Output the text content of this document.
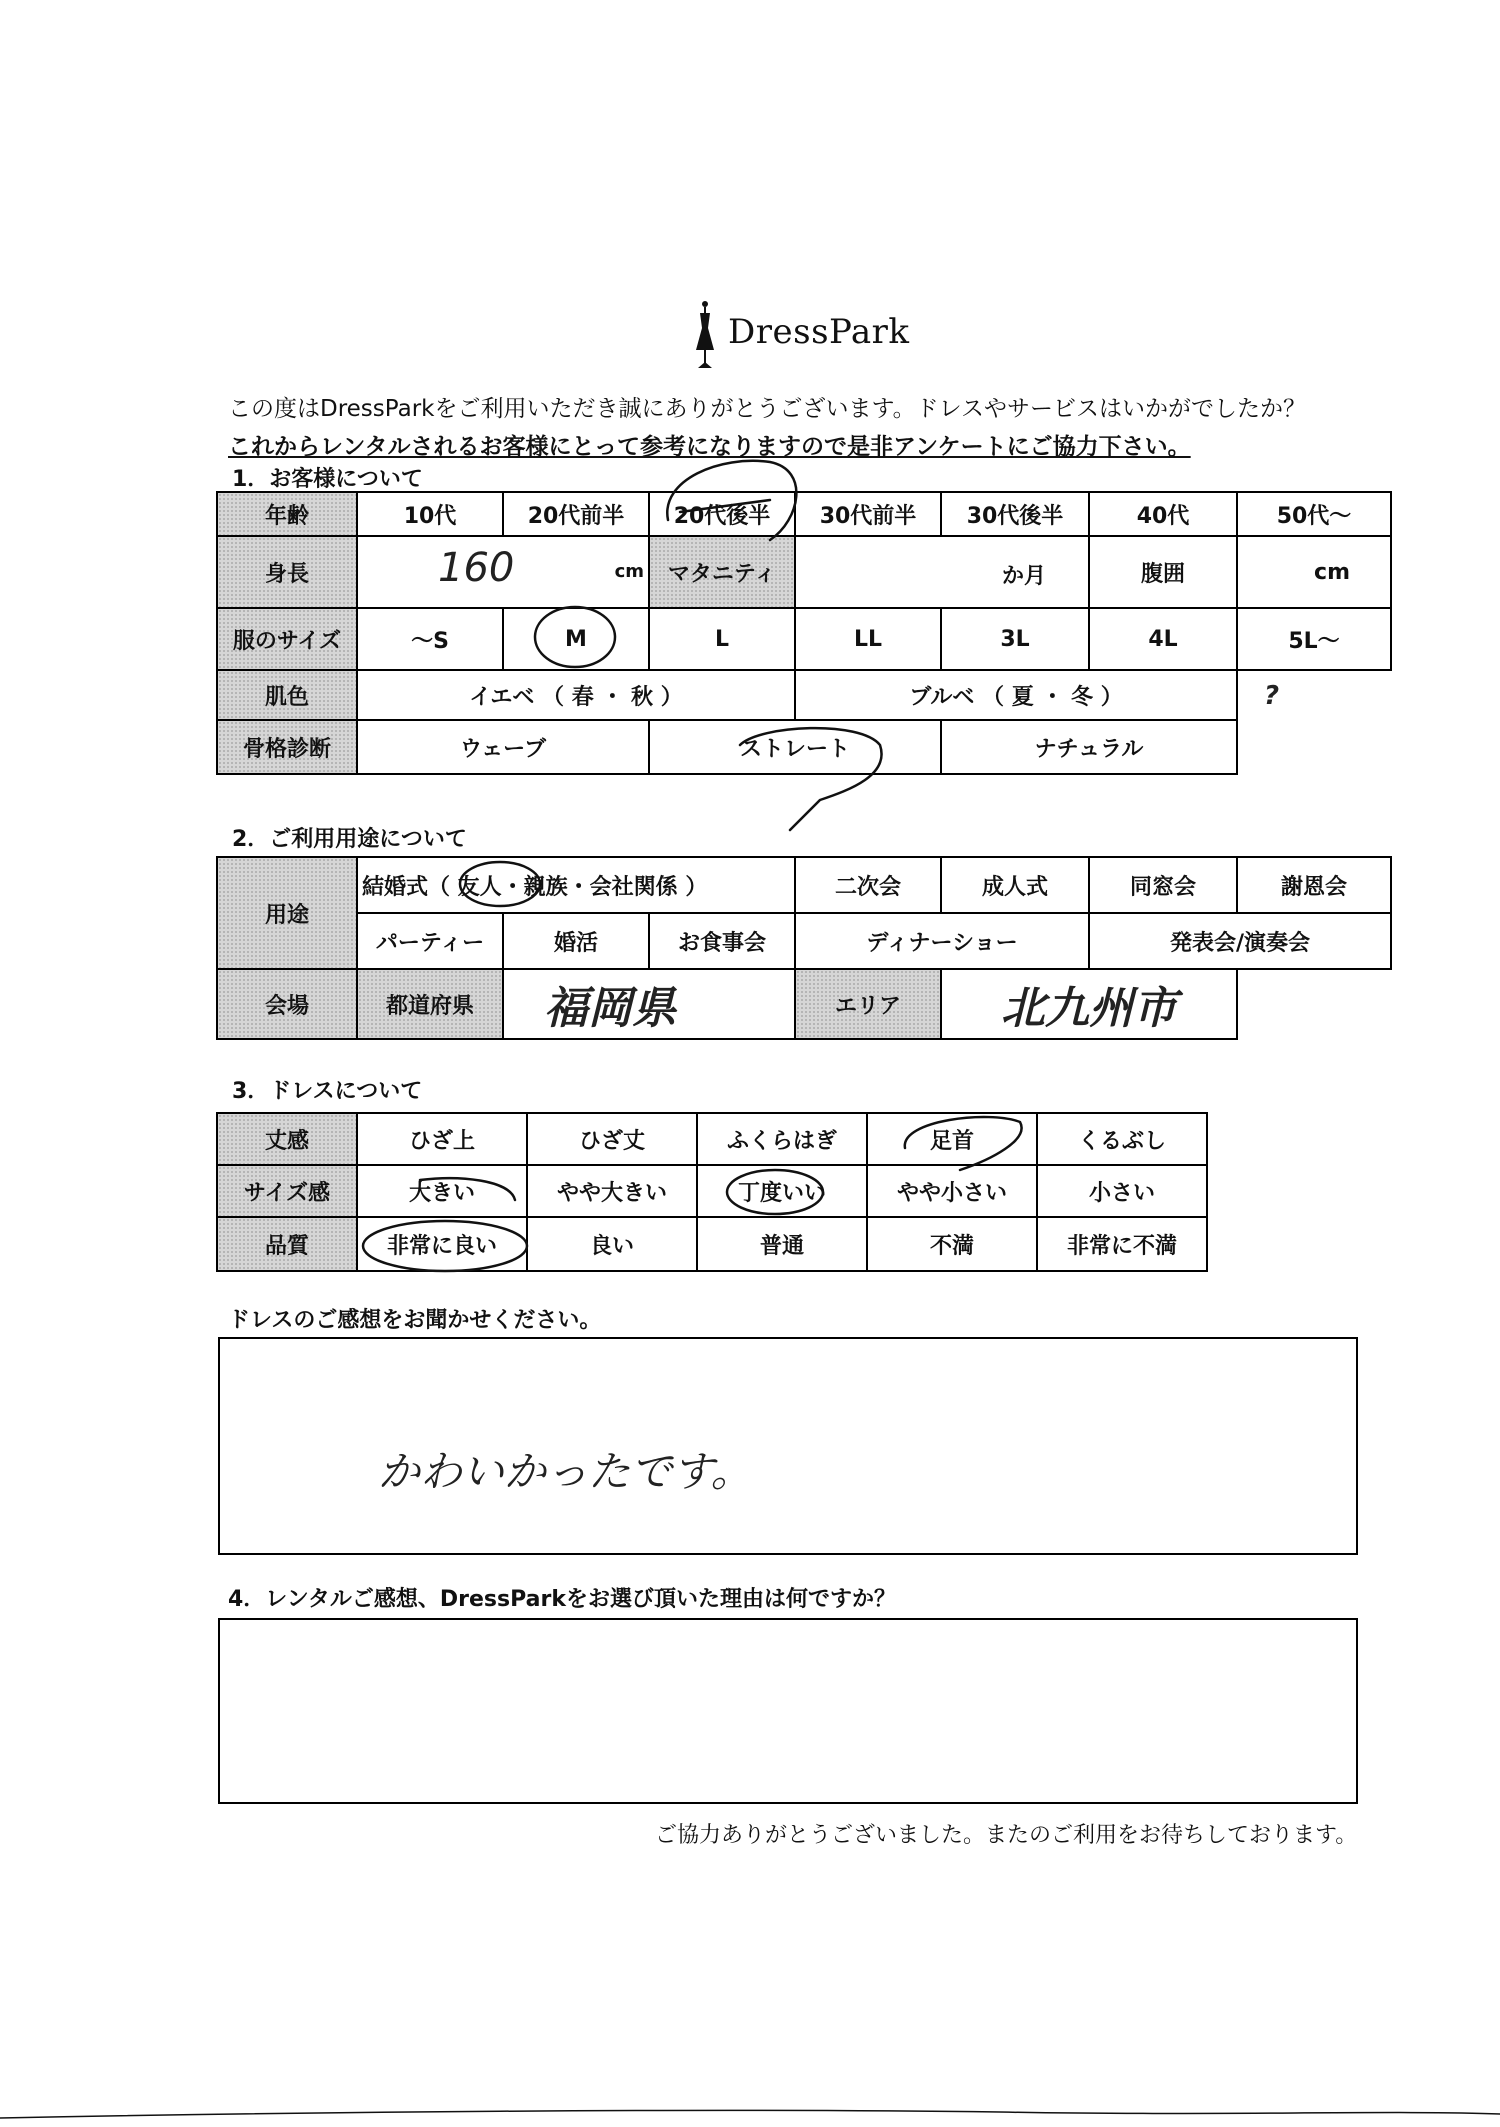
DressPark
この度はDressParkをご利用いただき誠にありがとうございます。ドレスやサービスはいかがでしたか？
これからレンタルされるお客様にとって参考になりますので是非アンケートにご協力下さい。
1．お客様について
年齢	10代	20代前半	20代後半	30代前半	30代後半	40代	50代～
身長	160 cm		マタニティ	か月		腹囲	cm
服のサイズ	～S	M	L	LL	3L	4L	5L～
肌色	イエベ （ 春 ・ 秋 ）			ブルベ （ 夏 ・ 冬 ）			?
骨格診断	ウェーブ		ストレート		ナチュラル		
2．ご利用用途について
用途	結婚式（ 友人・親族・会社関係 ）			二次会	成人式	同窓会	謝恩会
	パーティー	婚活	お食事会	ディナーショー		発表会/演奏会	
会場	都道府県	福岡県		エリア	北九州市		
3．ドレスについて
丈感	ひざ上	ひざ丈	ふくらはぎ	足首	くるぶし
サイズ感	大きい	やや大きい	丁度いい	やや小さい	小さい
品質	非常に良い	良い	普通	不満	非常に不満
ドレスのご感想をお聞かせください。
かわいかったです。
4．レンタルご感想、DressParkをお選び頂いた理由は何ですか？
ご協力ありがとうございました。またのご利用をお待ちしております。
